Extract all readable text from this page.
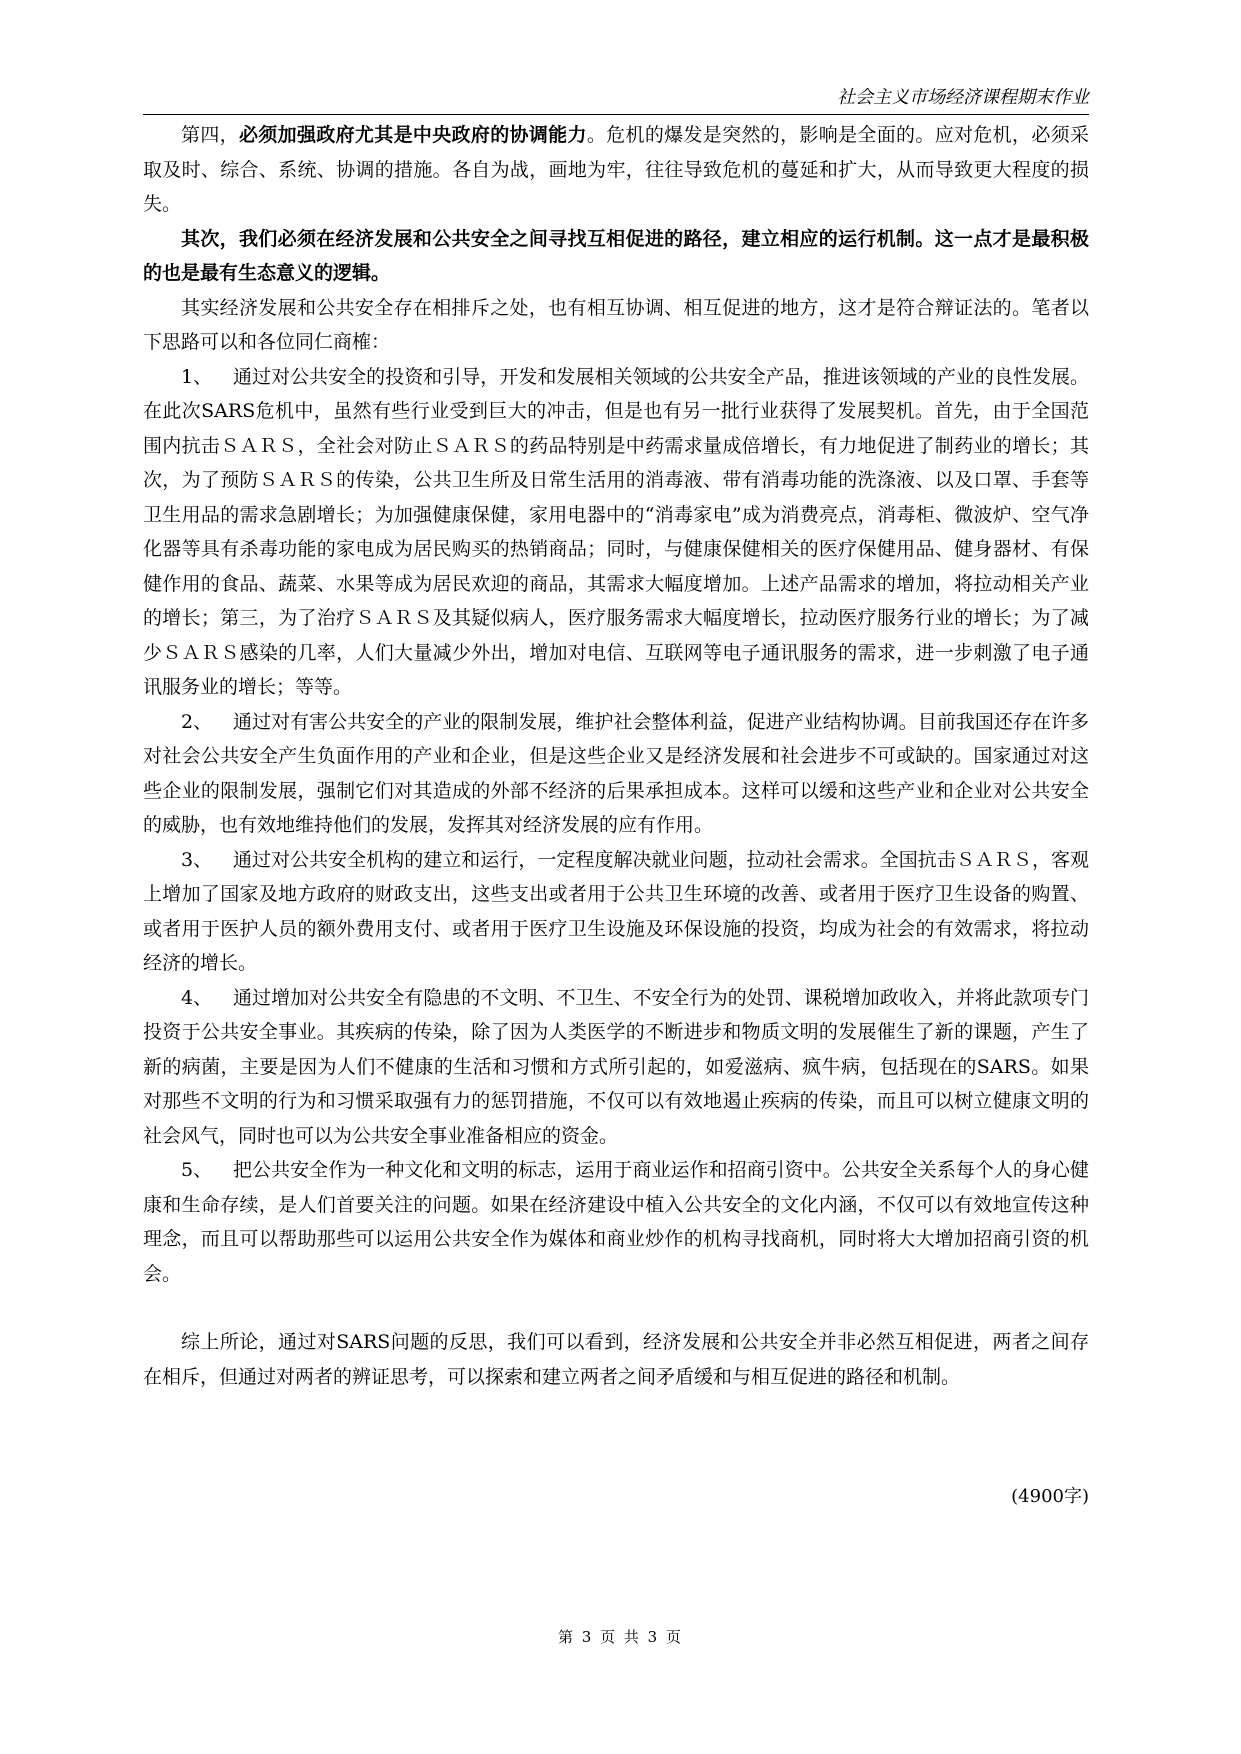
社会主义市场经济课程期末作业

第四，必须加强政府尤其是中央政府的协调能力。危机的爆发是突然的，影响是全面的。应对危机，必须采取及时、综合、系统、协调的措施。各自为战，画地为牢，往往导致危机的蔓延和扩大，从而导致更大程度的损失。

其次，我们必须在经济发展和公共安全之间寻找互相促进的路径，建立相应的运行机制。这一点才是最积极的也是最有生态意义的逻辑。

其实经济发展和公共安全存在相排斥之处，也有相互协调、相互促进的地方，这才是符合辩证法的。笔者以下思路可以和各位同仁商榷：

1、 通过对公共安全的投资和引导，开发和发展相关领域的公共安全产品，推进该领域的产业的良性发展。在此次SARS危机中，虽然有些行业受到巨大的冲击，但是也有另一批行业获得了发展契机。首先，由于全国范围内抗击ＳＡＲＳ，全社会对防止ＳＡＲＳ的药品特别是中药需求量成倍增长，有力地促进了制药业的增长；其次，为了预防ＳＡＲＳ的传染，公共卫生所及日常生活用的消毒液、带有消毒功能的洗涤液、以及口罩、手套等卫生用品的需求急剧增长；为加强健康保健，家用电器中的“消毒家电”成为消费亮点，消毒柜、微波炉、空气净化器等具有杀毒功能的家电成为居民购买的热销商品；同时，与健康保健相关的医疗保健用品、健身器材、有保健作用的食品、蔬菜、水果等成为居民欢迎的商品，其需求大幅度增加。上述产品需求的增加，将拉动相关产业的增长；第三，为了治疗ＳＡＲＳ及其疑似病人，医疗服务需求大幅度增长，拉动医疗服务行业的增长；为了减少ＳＡＲＳ感染的几率，人们大量减少外出，增加对电信、互联网等电子通讯服务的需求，进一步刺激了电子通讯服务业的增长；等等。

2、 通过对有害公共安全的产业的限制发展，维护社会整体利益，促进产业结构协调。目前我国还存在许多对社会公共安全产生负面作用的产业和企业，但是这些企业又是经济发展和社会进步不可或缺的。国家通过对这些企业的限制发展，强制它们对其造成的外部不经济的后果承担成本。这样可以缓和这些产业和企业对公共安全的威胁，也有效地维持他们的发展，发挥其对经济发展的应有作用。

3、 通过对公共安全机构的建立和运行，一定程度解决就业问题，拉动社会需求。全国抗击ＳＡＲＳ，客观上增加了国家及地方政府的财政支出，这些支出或者用于公共卫生环境的改善、或者用于医疗卫生设备的购置、或者用于医护人员的额外费用支付、或者用于医疗卫生设施及环保设施的投资，均成为社会的有效需求，将拉动经济的增长。

4、 通过增加对公共安全有隐患的不文明、不卫生、不安全行为的处罚、课税增加政收入，并将此款项专门投资于公共安全事业。其疾病的传染，除了因为人类医学的不断进步和物质文明的发展催生了新的课题，产生了新的病菌，主要是因为人们不健康的生活和习惯和方式所引起的，如爱滋病、疯牛病，包括现在的SARS。如果对那些不文明的行为和习惯采取强有力的惩罚措施，不仅可以有效地遏止疾病的传染，而且可以树立健康文明的社会风气，同时也可以为公共安全事业准备相应的资金。

5、 把公共安全作为一种文化和文明的标志，运用于商业运作和招商引资中。公共安全关系每个人的身心健康和生命存续，是人们首要关注的问题。如果在经济建设中植入公共安全的文化内涵，不仅可以有效地宣传这种理念，而且可以帮助那些可以运用公共安全作为媒体和商业炒作的机构寻找商机，同时将大大增加招商引资的机会。

综上所论，通过对SARS问题的反思，我们可以看到，经济发展和公共安全并非必然互相促进，两者之间存在相斥，但通过对两者的辨证思考，可以探索和建立两者之间矛盾缓和与相互促进的路径和机制。

(4900字)
第 3 页 共 3 页
